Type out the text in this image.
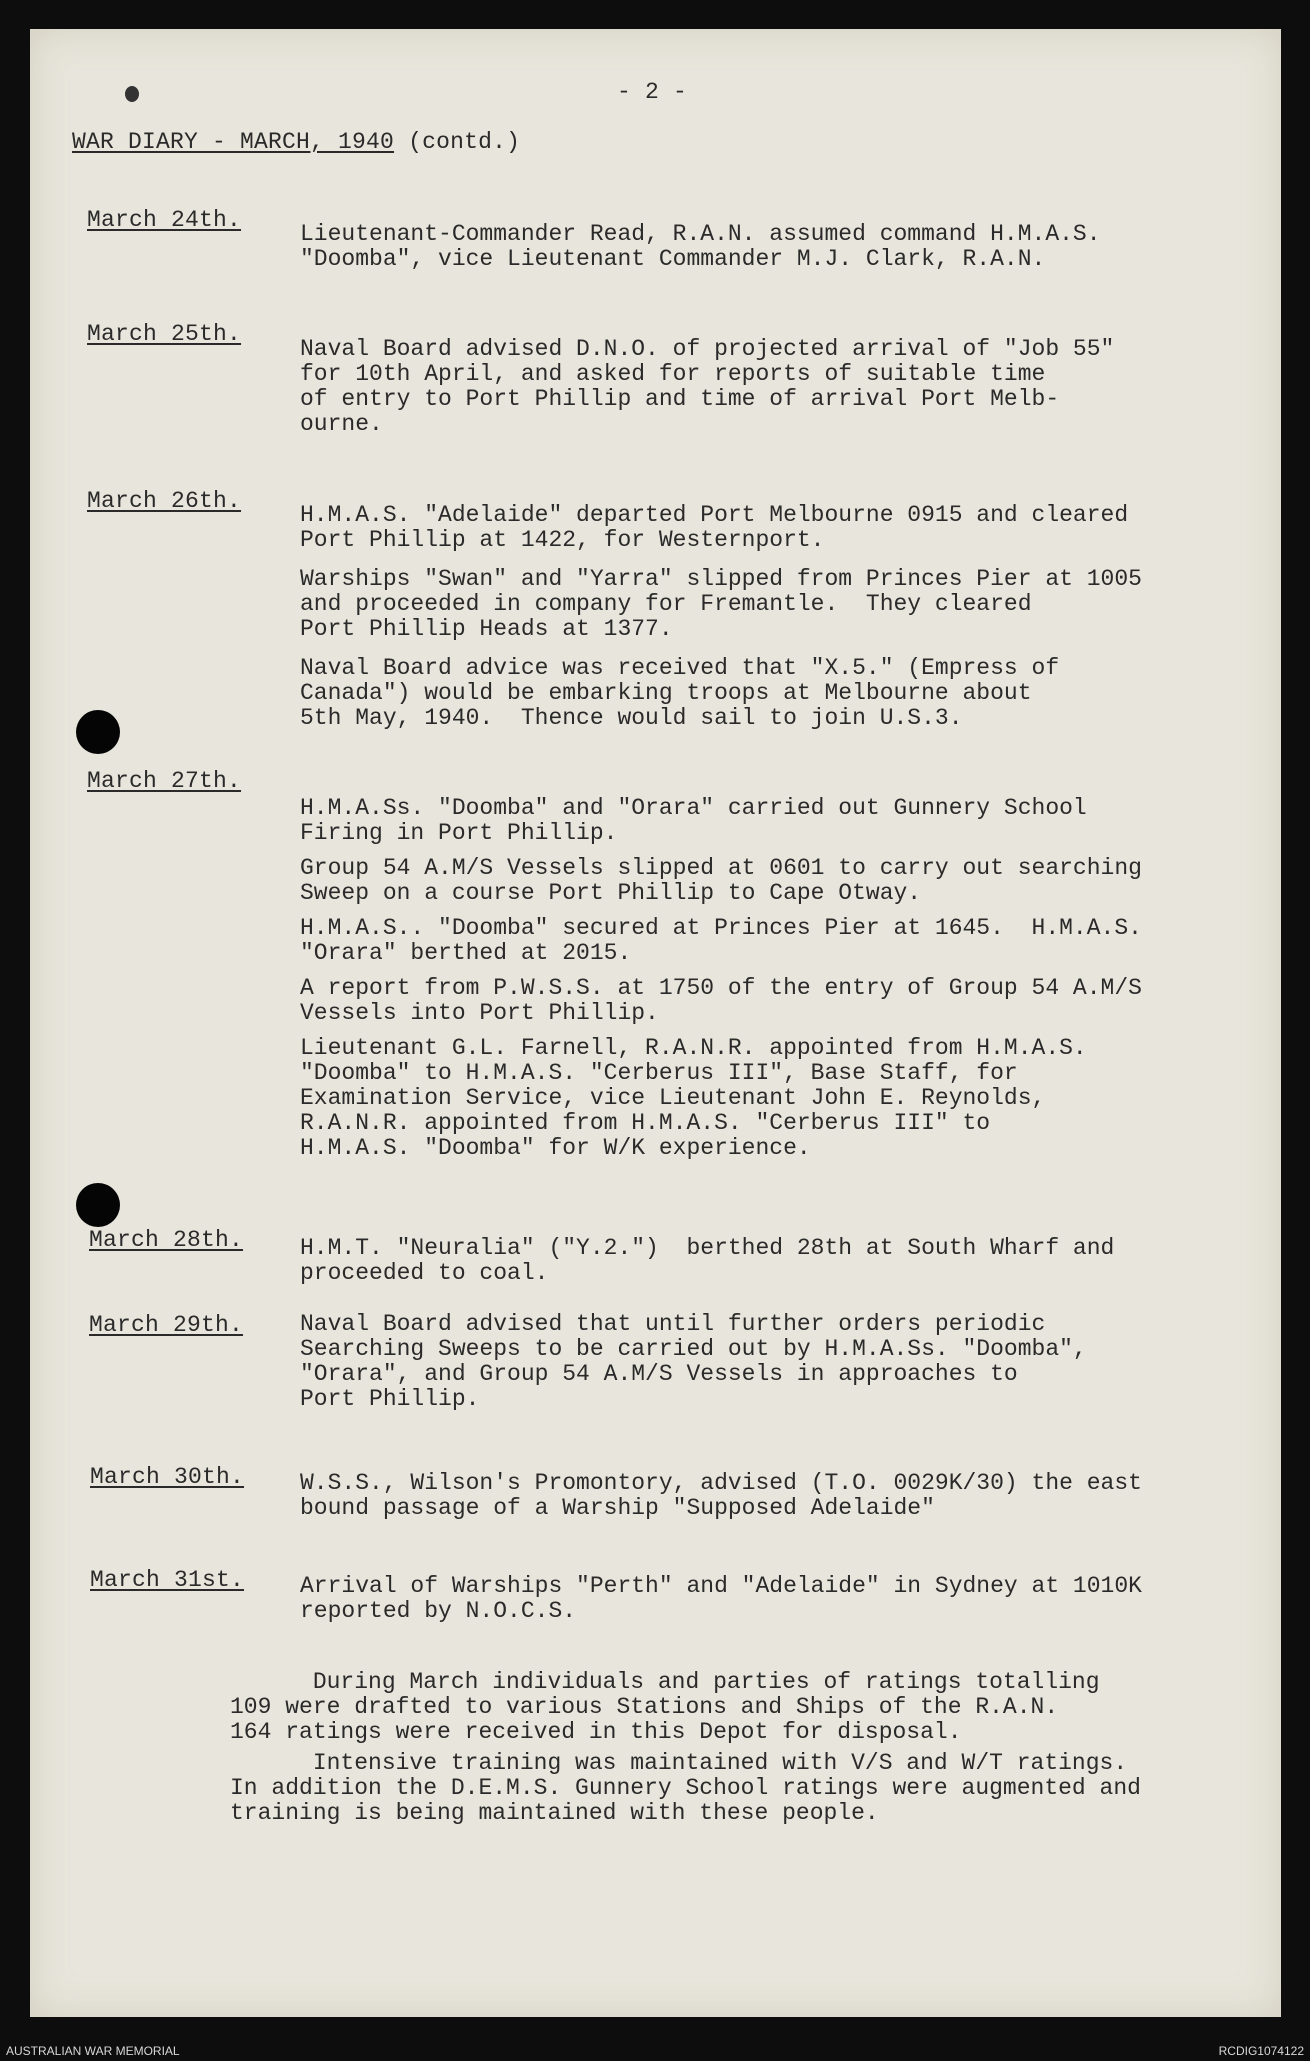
- 2 -
WAR DIARY - MARCH, 1940 (contd.)
March 24th.
Lieutenant-Commander Read, R.A.N. assumed command H.M.A.S.
"Doomba", vice Lieutenant Commander M.J. Clark, R.A.N.
March 25th.
Naval Board advised D.N.O. of projected arrival of "Job 55"
for 10th April, and asked for reports of suitable time
of entry to Port Phillip and time of arrival Port Melb-
ourne.
March 26th.
H.M.A.S. "Adelaide" departed Port Melbourne 0915 and cleared
Port Phillip at 1422, for Westernport.
Warships "Swan" and "Yarra" slipped from Princes Pier at 1005
and proceeded in company for Fremantle.  They cleared
Port Phillip Heads at 1377.
Naval Board advice was received that "X.5." (Empress of
Canada") would be embarking troops at Melbourne about
5th May, 1940.  Thence would sail to join U.S.3.
March 27th.
H.M.A.Ss. "Doomba" and "Orara" carried out Gunnery School
Firing in Port Phillip.
Group 54 A.M/S Vessels slipped at 0601 to carry out searching
Sweep on a course Port Phillip to Cape Otway.
H.M.A.S.. "Doomba" secured at Princes Pier at 1645.  H.M.A.S.
"Orara" berthed at 2015.
A report from P.W.S.S. at 1750 of the entry of Group 54 A.M/S
Vessels into Port Phillip.
Lieutenant G.L. Farnell, R.A.N.R. appointed from H.M.A.S.
"Doomba" to H.M.A.S. "Cerberus III", Base Staff, for
Examination Service, vice Lieutenant John E. Reynolds,
R.A.N.R. appointed from H.M.A.S. "Cerberus III" to
H.M.A.S. "Doomba" for W/K experience.
March 28th. H.M.T. "Neuralia" ("Y.2.")  berthed 28th at South Wharf and
proceeded to coal.
March 29th. Naval Board advised that until further orders periodic
Searching Sweeps to be carried out by H.M.A.Ss. "Doomba",
"Orara", and Group 54 A.M/S Vessels in approaches to
Port Phillip.
March 30th. W.S.S., Wilson's Promontory, advised (T.O. 0029K/30) the east
bound passage of a Warship "Supposed Adelaide"
March 31st. Arrival of Warships "Perth" and "Adelaide" in Sydney at 1010K
reported by N.O.C.S.
During March individuals and parties of ratings totalling
109 were drafted to various Stations and Ships of the R.A.N.
164 ratings were received in this Depot for disposal.
Intensive training was maintained with V/S and W/T ratings.
In addition the D.E.M.S. Gunnery School ratings were augmented and
training is being maintained with these people.
AUSTRALIAN WAR MEMORIAL	RCDIG1074122
